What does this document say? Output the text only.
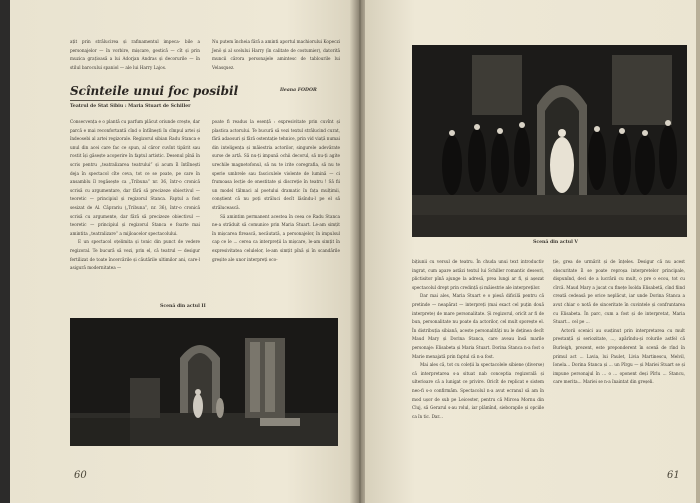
ațit prin strălucirea și rafinamentul impeca- bile a personajelor — în vorbire, mișcare, gestică — cît și prin muzica grațioasă a lui Adorjan Andras și decorurile — în stilul barocului spaniol — ale lui Harry Lajos.

Nu putem încheia fără a aminti aportul machiorului Kopeczi Jenö și al scelului Harry (în calitate de costumier), datorită muncii cărora personajele amintesc de tablourile lui Velasquez.

Ileana FODOR
Scînteile unui foc posibil
Teatrul de Stat Sibiu : Maria Stuart de Schiller

Consecvența e o plantă cu parfum plăcut oriunde crește, dar parcă e mai reconfortantă cînd o întîlnești în cîmpul artei și îndeosebi al artei regizorale. Regizorul sibian Radu Stanca e unul din acei care fac ce spun, al căror cuvînt tipărit sau rostit își găsește acoperire în faptul artistic. Desenul pînă în scris pentru „teatralizarea teatrului” și acum îl întîlnești deja în spectacol cîte ceva, tot ce se poate, pe care în ansamblu îl regăsește ca „Tribuna” nr. 36, într-o cronică scrisă cu argumentare, dar fără să precizeze obiectivul — teoretic — principiul și regizorul Stanca. Faptul a fost sesizat de Al. Căprariu („Tribuna”, nr. 36), într-o cronică scrisă cu argumente, dar fără să precizeze obiectivul — teoretic — principiul și regizorul Stanca e foarte mai amintita „teatralizare” a mijloacelor spectacolului.

E un spectacol oțelimita și tonic din punct de vedere regizoral. Te bucură să vezi, prin el, că teatrul — desigur fertilizat de toate încercările și căutările ultimilor ani, care-l asigură modernitatea —

poate fi readus la esență : expresivitate prin cuvînt și plastica actorului. Te bucură să vezi textul strălucind curat, fără adaosuri și fără ostentație tehnice, prin vid viață numai din inteligența și măiestria actorilor, singurele adevărate surse de artă. Să nu-ți impună ochii decorul, să nu-ți agite urechile magnetofonul, să nu te irite coregrafia, să nu te sperie umbrele sau fasciculele violente de lumină — ci frumoasa lecție de onestitate și discreție în teatru ! Să fii un model tălmaci al poetului dramatic în fața mulțimii, conștient că nu poți străluci decît lăsîndu-l pe el să strălucească.

Să amintim permanent acestea în ceea ce Radu Stanca ne-a străduit să comunice prin Maria Stuart. Le-am simțit în mișcarea firească, necăutată, a personajelor, în impulsul cap ce le ... cerea ca interpreții la mișcare, le-am simțit în expresivitatea celulelor, le-am simțit pînă și în scandările greșite ale unor interpreți oco-

Scenă din actul II
60
Scenă din actul V

bițiunii cu versul de teatru. În chuda unui text introductiv ingrat, cum apare astăzi textul lui Schiller romantic deseori, plictisitor pînă ajunge la adresă, prea lungi ar fi, și așezat spectacolul drept prin credință și măiestrie ale interpreților.

Dar mai ales, Maria Stuart e o piesă dificilă pentru că pretinde — neapărat — interpreți (mai exact cel puțin două interprete) de mare personalitate. Și regizorul, oricît ar fi de bun, personalitate nu poate da actorilor, cel mult sporește el. În distribuția sibiană, aceste personalități nu le deținea decît Maud Mary și Dorina Stanca, care aveau însă marile personaje: Elisabeta și Maria Stuart. Dorina Stanca n-a fost o Marie menajată prin faptul că n-a fost.

Mai ales că, tot cu coleții la spectacolele sibiene (diverse) că interpretarea s-a situat nab conceptia regizorală și ulterioare că a lunigat ce privire. Oricît de replicat e sistem neo-fi s-o confirmăm. Spectacolul n-a avut ecranul să am în mod ușor de sub pe Leicester, pentru că Mircea Mornu din Cluj, să Gerarul s-au rolul, iar plămînd, sieborapile și opciile ca în tic. Dar...

ție, grea de urmărit și de înțeles. Desigur că nu acest obscuritate îl se poate reproșa interpretelor principale, dispunînd, deci de a lucrării cu mult, o pre o ecou, tot cu cîrcă. Maud Mary a jucat cu finețe Isolda Elisabetă, cînd fiind creată cedeasă pe orice neplăcut, iar unde Dorina Stanca a avut chiar o notă de sinceritate în cuvintele și confruntarea cu Elisabeta. În parc, cum a fost și de interpretat, Maria Stuart... cel pe ...

Actorii scenici au susținut prin interpretarea cu mult prestanță și seriozitate, ..., apărîndu-și rolurile astfel că Burleigh, prezent, este preponderent în scenă de rînd în primul act ... Lavia, lui Paulet, Livia Martinescu, Melvil, Ionela... Dorina Stanca și ... un Pîrgu — și Mariei Stuart se și impune personajul în ... o ... oponent deși Pîrlu ... Stancu, care merita... Mariei se n-a înaintat din greșeli.

61
